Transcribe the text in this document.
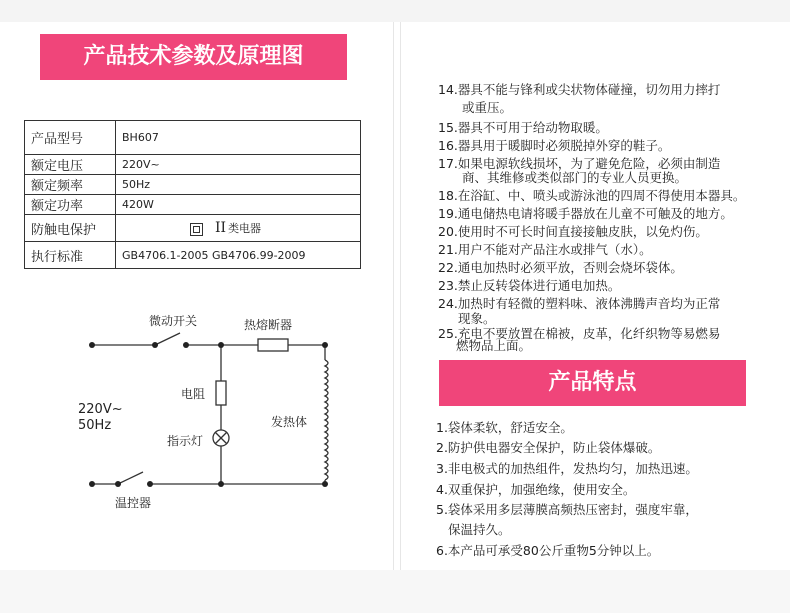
产品技术参数及原理图
产品型号	BH607
额定电压	220V~
额定频率	50Hz
额定功率	420W
防触电保护	II 类电器
执行标准	GB4706.1-2005 GB4706.99-2009
微动开关	热熔断器
电阻
220V~
50Hz
指示灯
发热体
温控器
14.器具不能与锋利或尖状物体碰撞，切勿用力摔打
或重压。
15.器具不可用于给动物取暖。
16.器具用于暖脚时必须脱掉外穿的鞋子。
17.如果电源软线损坏，为了避免危险，必须由制造
商、其维修或类似部门的专业人员更换。
18.在浴缸、中、喷头或游泳池的四周不得使用本器具。
19.通电储热电请将暖手器放在儿童不可触及的地方。
20.使用时不可长时间直接接触皮肤，以免灼伤。
21.用户不能对产品注水或排气（水）。
22.通电加热时必须平放，否则会烧坏袋体。
23.禁止反转袋体进行通电加热。
24.加热时有轻微的塑料味、液体沸腾声音均为正常
现象。
25.充电不要放置在棉被，皮革，化纤织物等易燃易
燃物品上面。
产品特点
1.袋体柔软，舒适安全。
2.防护供电器安全保护，防止袋体爆破。
3.非电极式的加热组件，发热均匀，加热迅速。
4.双重保护，加强绝缘，使用安全。
5.袋体采用多层薄膜高频热压密封，强度牢靠，
保温持久。
6.本产品可承受80公斤重物5分钟以上。
